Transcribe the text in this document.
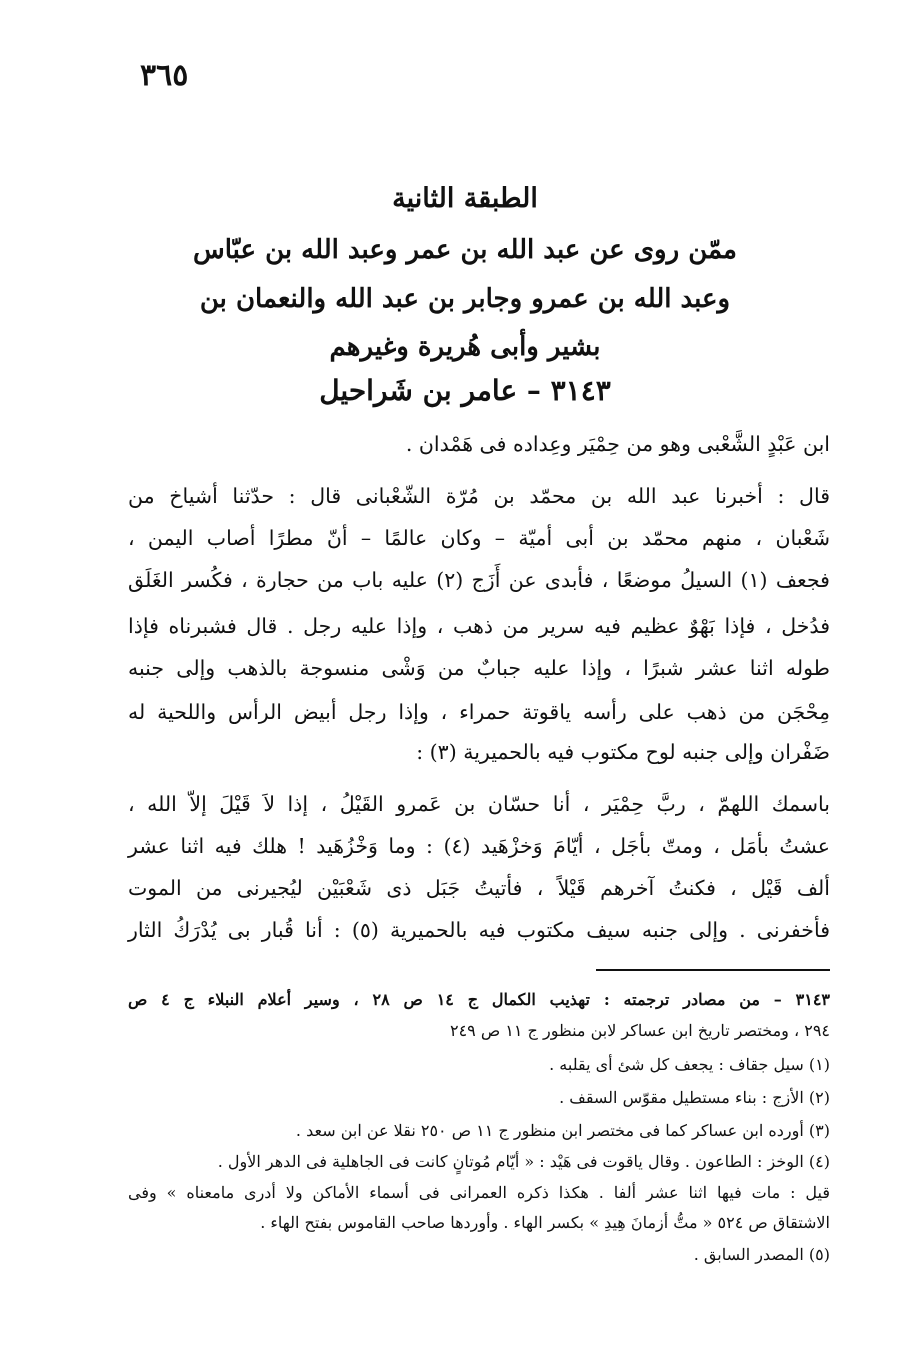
٣٦٥
الطبقة الثانية
ممّن روى عن عبد الله بن عمر وعبد الله بن عبّاس
وعبد الله بن عمرو وجابر بن عبد الله والنعمان بن
بشير وأبى هُريرة وغيرهم
٣١٤٣ – عامر بن شَراحيل
ابن عَبْدٍ الشَّعْبى وهو من حِمْيَر وعِداده فى هَمْدان .
قال : أخبرنا عبد الله بن محمّد بن مُرّة الشّعْبانى قال : حدّثنا أشياخ من
شَعْبان ، منهم محمّد بن أبى أميّة – وكان عالمًا – أنّ مطرًا أصاب اليمن ،
فجعف (١) السيلُ موضعًا ، فأبدى عن أَزَج (٢) عليه باب من حجارة ، فكُسر الغَلَق
فدُخل ، فإذا بَهْوٌ عظيم فيه سرير من ذهب ، وإذا عليه رجل . قال فشبرناه فإذا
طوله اثنا عشر شبرًا ، وإذا عليه جبابٌ من وَشْى منسوجة بالذهب وإلى جنبه
مِحْجَن من ذهب على رأسه ياقوتة حمراء ، وإذا رجل أبيض الرأس واللحية له
ضَفْران وإلى جنبه لوح مكتوب فيه بالحميرية (٣) :
باسمك اللهمّ ، ربَّ حِمْيَر ، أنا حسّان بن عَمرو القَيْلُ ، إذا لاَ قَيْلَ إلاّ الله ،
عشتُ بأمَل ، ومتّ بأجَل ، أيّامَ وَخزْهَيد (٤) : وما وَخْزُهَيد ! هلك فيه اثنا عشر
ألف قَيْل ، فكنتُ آخرهم قَيْلاً ، فأتيتُ جَبَل ذى شَعْبَيْن ليُجيرنى من الموت
فأخفرنى . وإلى جنبه سيف مكتوب فيه بالحميرية (٥) : أنا قُبار بى يُدْرَكُ الثار
٣١٤٣ – من مصادر ترجمته : تهذيب الكمال ج ١٤ ص ٢٨ ، وسير أعلام النبلاء ج ٤ ص
٢٩٤ ، ومختصر تاريخ ابن عساكر لابن منظور ج ١١ ص ٢٤٩
(١) سيل جقاف : يجعف كل شئ أى يقلبه .
(٢) الأزج : بناء مستطيل مقوّس السقف .
(٣) أورده ابن عساكر كما فى مختصر ابن منظور ج ١١ ص ٢٥٠ نقلا عن ابن سعد .
(٤) الوخز : الطاعون . وقال ياقوت فى هَيْد : « أيّام مُوتانٍ كانت فى الجاهلية فى الدهر الأول .
قيل : مات فيها اثنا عشر ألفا . هكذا ذكره العمرانى فى أسماء الأماكن ولا أدرى مامعناه » وفى
الاشتقاق ص ٥٢٤ « متُّ أزمانَ هِيدِ » بكسر الهاء . وأوردها صاحب القاموس بفتح الهاء .
(٥) المصدر السابق .
